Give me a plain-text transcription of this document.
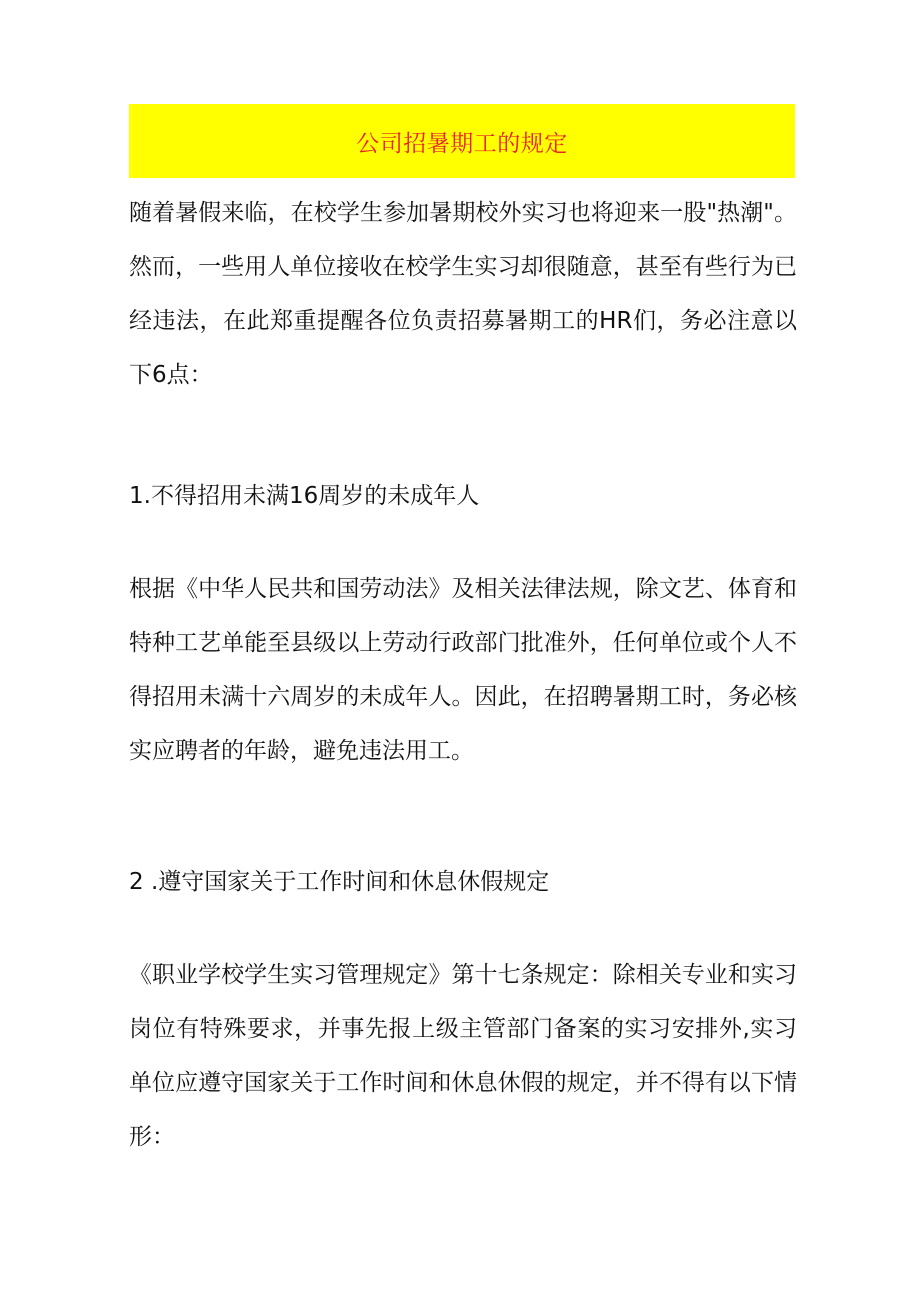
公司招暑期工的规定

随着暑假来临，在校学生参加暑期校外实习也将迎来一股"热潮"。然而，一些用人单位接收在校学生实习却很随意，甚至有些行为已经违法，在此郑重提醒各位负责招募暑期工的HR们，务必注意以下6点：

1.不得招用未满16周岁的未成年人

根据《中华人民共和国劳动法》及相关法律法规，除文艺、体育和特种工艺单能至县级以上劳动行政部门批准外，任何单位或个人不得招用未满十六周岁的未成年人。因此，在招聘暑期工时，务必核实应聘者的年龄，避免违法用工。

2 .遵守国家关于工作时间和休息休假规定

《职业学校学生实习管理规定》第十七条规定：除相关专业和实习岗位有特殊要求，并事先报上级主管部门备案的实习安排外,实习单位应遵守国家关于工作时间和休息休假的规定，并不得有以下情形：
